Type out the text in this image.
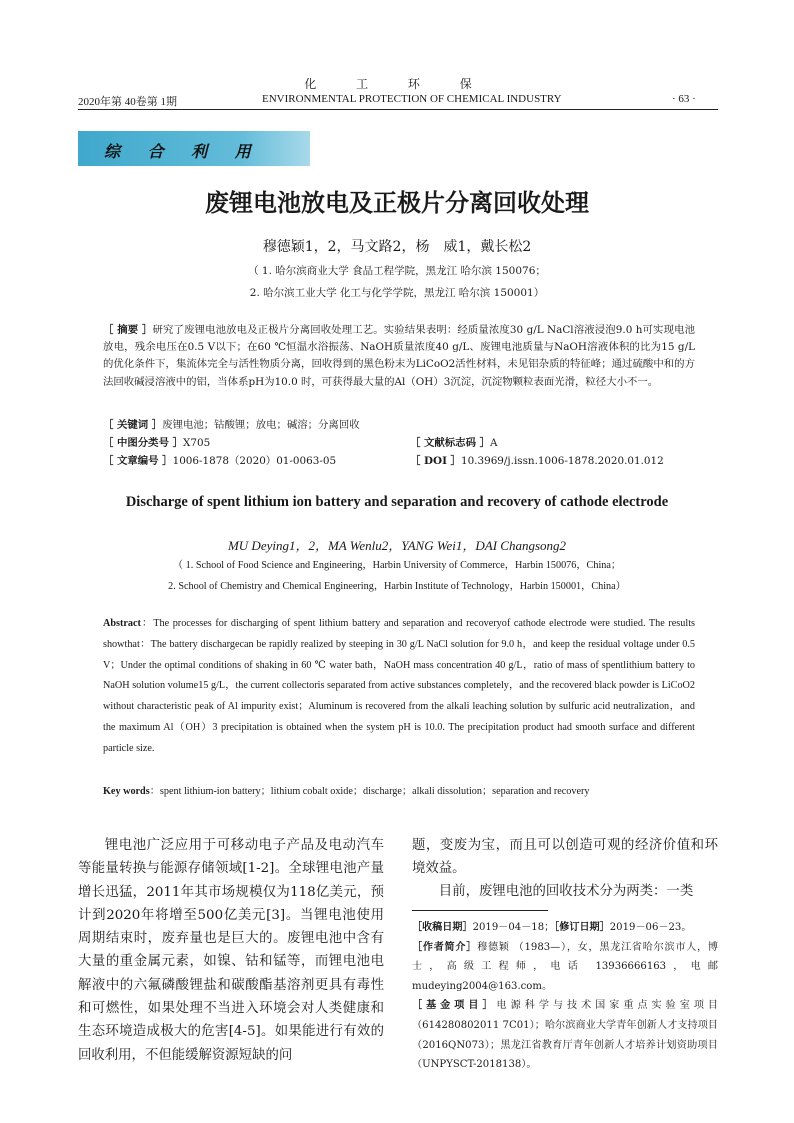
化 工 环 保
2020年第 40卷第 1期	ENVIRONMENTAL PROTECTION OF CHEMICAL INDUSTRY	· 63 ·
综 合 利 用
废锂电池放电及正极片分离回收处理
穆德颖1，2，马文路2，杨　威1，戴长松2
（ 1. 哈尔滨商业大学 食品工程学院，黑龙江 哈尔滨 150076；
2. 哈尔滨工业大学 化工与化学学院，黑龙江 哈尔滨 150001）
［ 摘要 ］研究了废锂电池放电及正极片分离回收处理工艺。实验结果表明：经质量浓度30 g/L NaCl溶液浸泡9.0 h可实现电池放电，残余电压在0.5 V以下；在60 ℃恒温水浴振荡、NaOH质量浓度40 g/L、废锂电池质量与NaOH溶液体积的比为15 g/L的优化条件下，集流体完全与活性物质分离，回收得到的黑色粉末为LiCoO2活性材料，未见铝杂质的特征峰；通过硫酸中和的方法回收碱浸溶液中的铝，当体系pH为10.0 时，可获得最大量的Al（OH）3沉淀，沉淀物颗粒表面光滑，粒径大小不一。
［ 关键词 ］废锂电池；钴酸锂；放电；碱溶；分离回收
［ 中图分类号 ］X705	［ 文献标志码 ］A
［ 文章编号 ］1006-1878（2020）01-0063-05	［ DOI ］10.3969/j.issn.1006-1878.2020.01.012
Discharge of spent lithium ion battery and separation and recovery of cathode electrode
MU Deying1，2，MA Wenlu2，YANG Wei1，DAI Changsong2
（ 1. School of Food Science and Engineering，Harbin University of Commerce，Harbin 150076，China；
2. School of Chemistry and Chemical Engineering，Harbin Institute of Technology，Harbin 150001，China）
Abstract：The processes for discharging of spent lithium battery and separation and recoveryof cathode electrode were studied. The results showthat：The battery dischargecan be rapidly realized by steeping in 30 g/L NaCl solution for 9.0 h，and keep the residual voltage under 0.5 V；Under the optimal conditions of shaking in 60 ℃ water bath，NaOH mass concentration 40 g/L，ratio of mass of spentlithium battery to NaOH solution volume15 g/L，the current collectoris separated from active substances completely，and the recovered black powder is LiCoO2 without characteristic peak of Al impurity exist；Aluminum is recovered from the alkali leaching solution by sulfuric acid neutralization，and the maximum Al（OH）3 precipitation is obtained when the system pH is 10.0. The precipitation product had smooth surface and different particle size.
Key words：spent lithium-ion battery；lithium cobalt oxide；discharge；alkali dissolution；separation and recovery
锂电池广泛应用于可移动电子产品及电动汽车等能量转换与能源存储领域[1-2]。全球锂电池产量增长迅猛，2011年其市场规模仅为118亿美元，预计到2020年将增至500亿美元[3]。当锂电池使用周期结束时，废弃量也是巨大的。废锂电池中含有大量的重金属元素，如镍、钴和锰等，而锂电池电解液中的六氟磷酸锂盐和碳酸酯基溶剂更具有毒性和可燃性，如果处理不当进入环境会对人类健康和生态环境造成极大的危害[4-5]。如果能进行有效的回收利用，不但能缓解资源短缺的问
题，变废为宝，而且可以创造可观的经济价值和环境效益。
目前，废锂电池的回收技术分为两类：一类
［收稿日期］2019－04－18；［修订日期］2019－06－23。
［作者简介］穆德颖 （1983—），女，黑龙江省哈尔滨市人，博士，高级工程师，电话 13936666163，电邮 mudeying2004@163.com。
［基金项目］电源科学与技术国家重点实验室项目（614280802011 7C01）；哈尔滨商业大学青年创新人才支持项目（2016QN073）；黑龙江省教育厅青年创新人才培养计划资助项目（UNPYSCT-2018138）。
